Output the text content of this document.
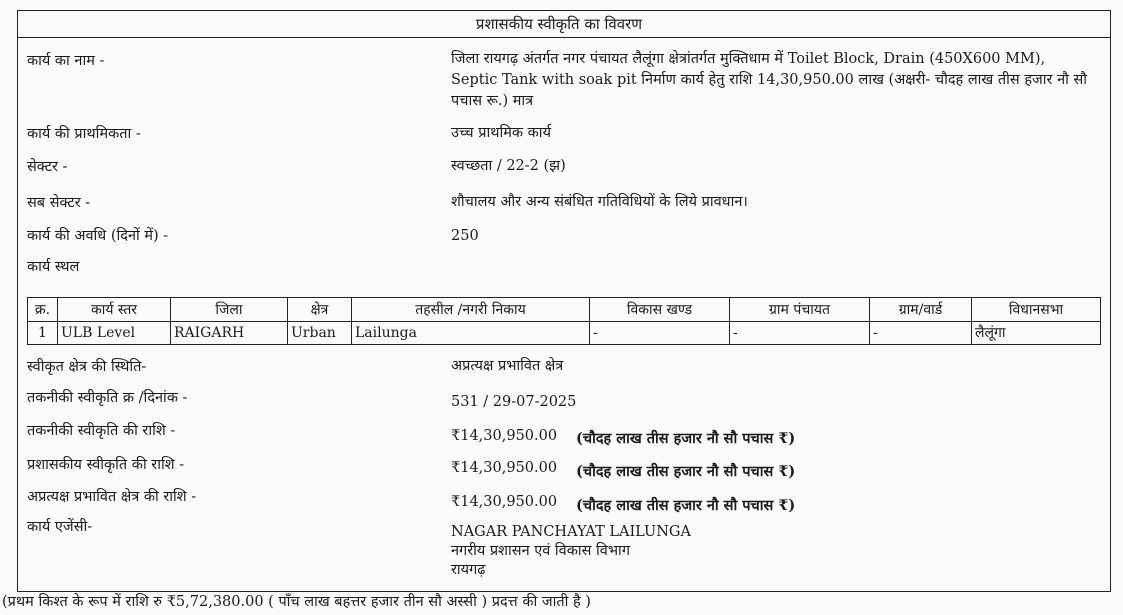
प्रशासकीय स्वीकृति का विवरण
कार्य का नाम -	जिला रायगढ़ अंतर्गत नगर पंचायत लैलूंगा क्षेत्रांतर्गत मुक्तिधाम में Toilet Block, Drain (450X600 MM), Septic Tank with soak pit निर्माण कार्य हेतु राशि 14,30,950.00 लाख (अक्षरी- चौदह लाख तीस हजार नौ सौ पचास रू.) मात्र
कार्य की प्राथमिकता -	उच्च प्राथमिक कार्य
सेक्टर -	स्वच्छता / 22-2 (झ)
सब सेक्टर -	शौचालय और अन्य संबंधित गतिविधियों के लिये प्रावधान।
कार्य की अवधि (दिनों में) -	250
कार्य स्थल
क्र.	कार्य स्तर	जिला	क्षेत्र	तहसील /नगरी निकाय	विकास खण्ड	ग्राम पंचायत	ग्राम/वार्ड	विधानसभा
1	ULB Level	RAIGARH	Urban	Lailunga	-	-	-	लैलूंगा
स्वीकृत क्षेत्र की स्थिति-	अप्रत्यक्ष प्रभावित क्षेत्र
तकनीकी स्वीकृति क्र /दिनांक -	531 / 29-07-2025
तकनीकी स्वीकृति की राशि -	₹14,30,950.00 (चौदह लाख तीस हजार नौ सौ पचास ₹)
प्रशासकीय स्वीकृति की राशि -	₹14,30,950.00 (चौदह लाख तीस हजार नौ सौ पचास ₹)
अप्रत्यक्ष प्रभावित क्षेत्र की राशि -	₹14,30,950.00 (चौदह लाख तीस हजार नौ सौ पचास ₹)
कार्य एजेंसी-	NAGAR PANCHAYAT LAILUNGA
नगरीय प्रशासन एवं विकास विभाग
रायगढ़
(प्रथम किश्त के रूप में राशि रु ₹5,72,380.00 ( पाँच लाख बहत्तर हजार तीन सौ अस्सी ) प्रदत्त की जाती है )
